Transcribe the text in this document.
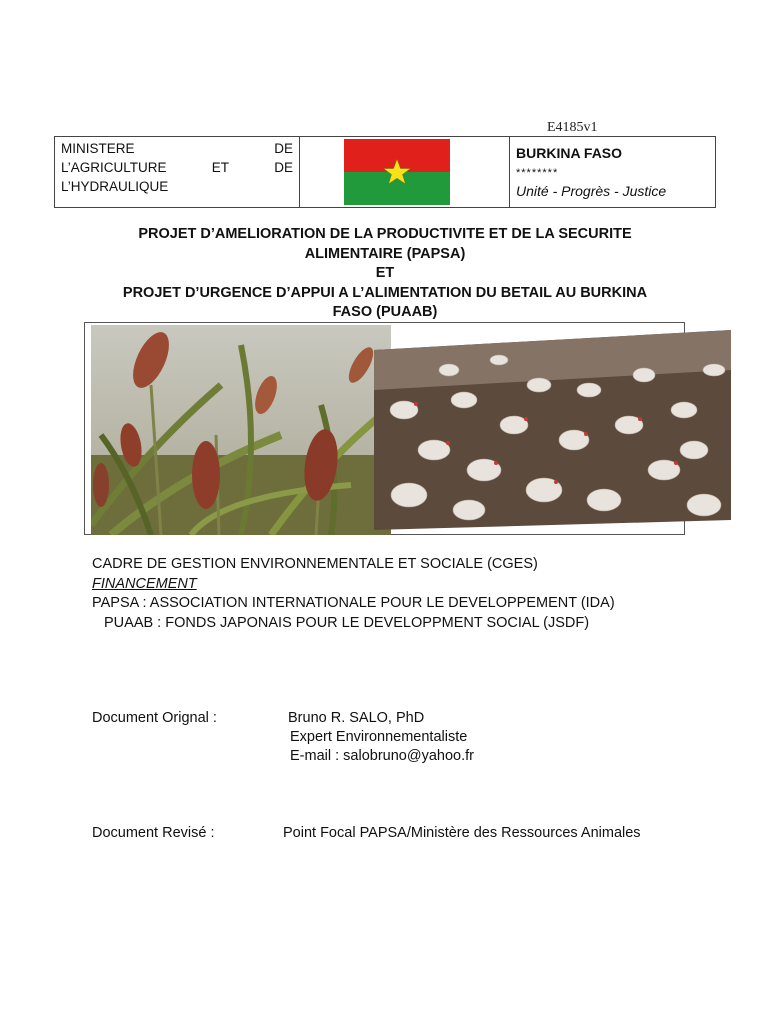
E4185v1
MINISTERE	DE
L’AGRICULTURE	ET	DE
L’HYDRAULIQUE
BURKINA FASO
********
Unité - Progrès - Justice
PROJET D’AMELIORATION DE LA PRODUCTIVITE ET DE LA SECURITE
ALIMENTAIRE (PAPSA)
ET
PROJET D’URGENCE D’APPUI A L’ALIMENTATION DU BETAIL AU BURKINA
FASO (PUAAB)
CADRE DE GESTION ENVIRONNEMENTALE ET SOCIALE (CGES)
FINANCEMENT
PAPSA : ASSOCIATION INTERNATIONALE POUR LE DEVELOPPEMENT (IDA)
PUAAB : FONDS JAPONAIS POUR LE DEVELOPPMENT SOCIAL (JSDF)
Document Orignal :	Bruno R. SALO, PhD
Expert Environnementaliste
E-mail : salobruno@yahoo.fr
Document Revisé :	Point Focal PAPSA/Ministère des Ressources Animales
